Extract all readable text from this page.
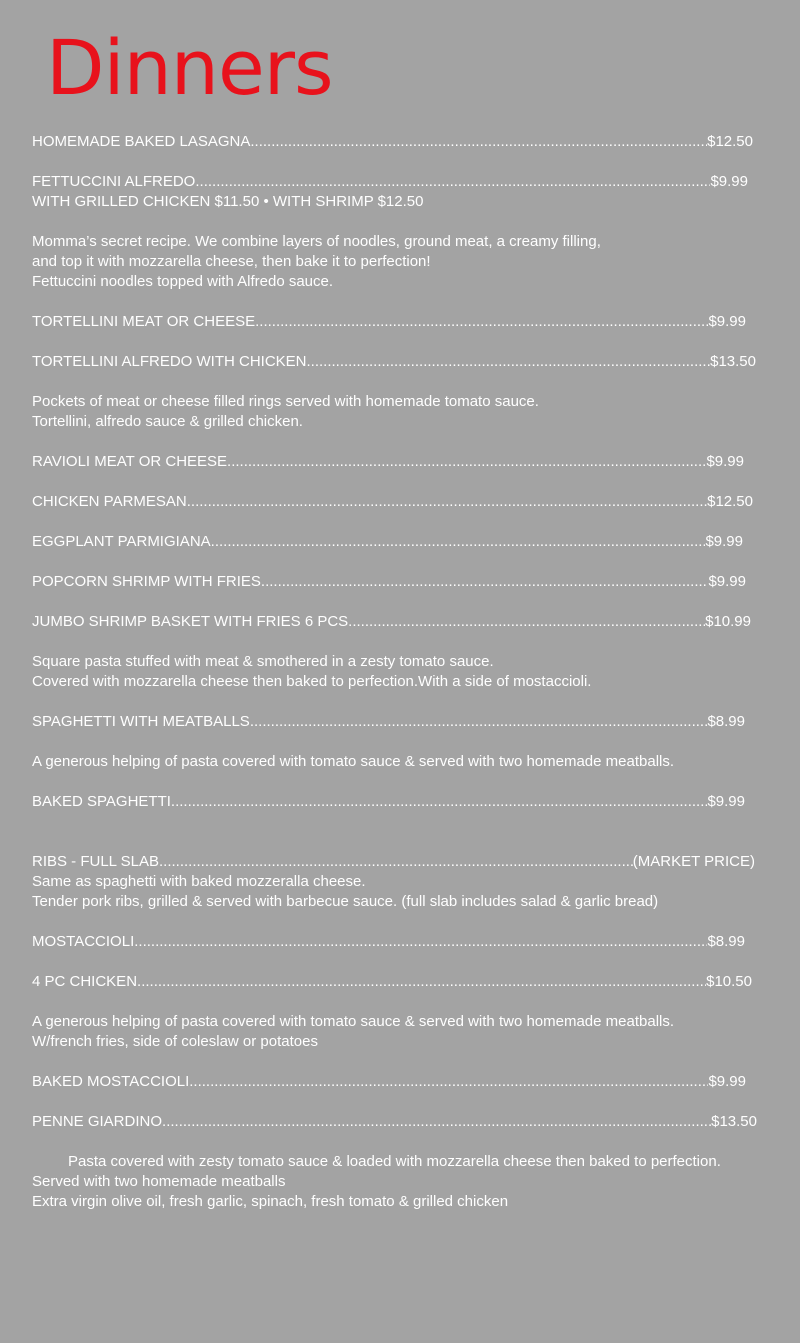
Dinners
HOMEMADE BAKED LASAGNA .....	$12.50
FETTUCCINI ALFREDO .....	$9.99
WITH GRILLED CHICKEN $11.50 • WITH SHRIMP $12.50
Momma’s secret recipe. We combine layers of noodles, ground meat, a creamy filling,
and top it with mozzarella cheese, then bake it to perfection!
Fettuccini noodles topped with Alfredo sauce.
TORTELLINI MEAT OR CHEESE .....	$9.99
TORTELLINI ALFREDO WITH CHICKEN .....	$13.50
Pockets of meat or cheese filled rings served with homemade tomato sauce.
Tortellini, alfredo sauce & grilled chicken.
RAVIOLI MEAT OR CHEESE .....	$9.99
CHICKEN PARMESAN .....	$12.50
EGGPLANT PARMIGIANA .....	$9.99
POPCORN SHRIMP WITH FRIES .....	$9.99
JUMBO SHRIMP BASKET WITH FRIES 6 PCS .....	$10.99
Square pasta stuffed with meat & smothered in a zesty tomato sauce.
Covered with mozzarella cheese then baked to perfection.With a side of mostaccioli.
SPAGHETTI WITH MEATBALLS .....	$8.99
A generous helping of pasta covered with tomato sauce & served with two homemade meatballs.
BAKED SPAGHETTI .....	$9.99
RIBS - FULL SLAB .....	(MARKET PRICE)
Same as spaghetti with baked mozzeralla cheese.
Tender pork ribs, grilled & served with barbecue sauce. (full slab includes salad & garlic bread)
MOSTACCIOLI .....	$8.99
4 PC CHICKEN .....	$10.50
A generous helping of pasta covered with tomato sauce & served with two homemade meatballs.
W/french fries, side of coleslaw or potatoes
BAKED MOSTACCIOLI .....	$9.99
PENNE GIARDINO .....	$13.50
Pasta covered with zesty tomato sauce & loaded with mozzarella cheese then baked to perfection.
Served with two homemade meatballs
Extra virgin olive oil, fresh garlic, spinach, fresh tomato & grilled chicken
